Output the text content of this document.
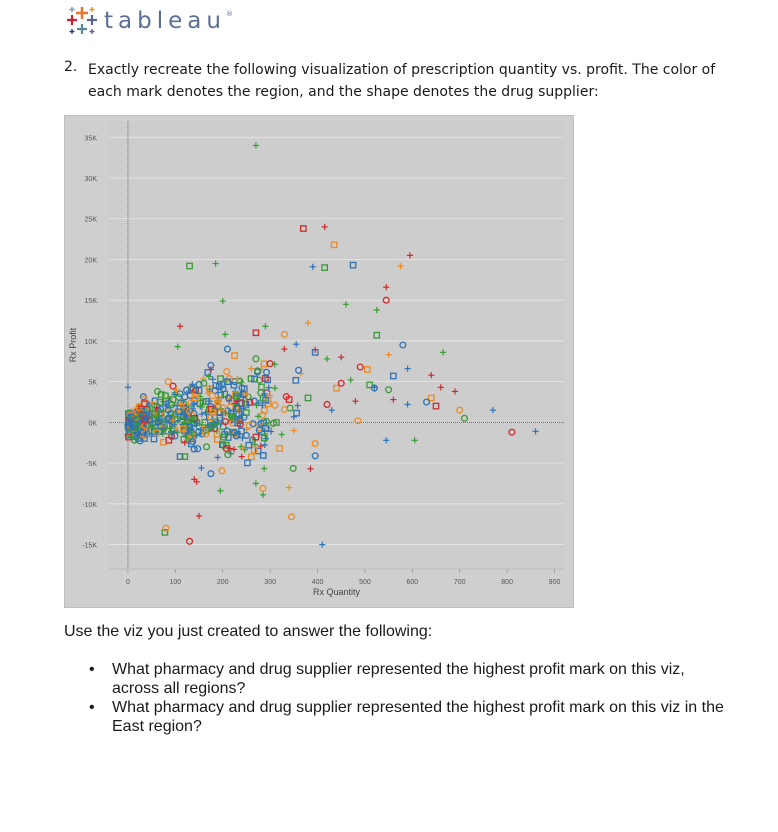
tableau®
2. Exactly recreate the following visualization of prescription quantity vs. profit. The color of each mark denotes the region, and the shape denotes the drug supplier:
35K
30K
25K
20K
15K
10K
5K
0K
-5K
-10K
-15K
0	100	200	300	400	500	600	700	800	900
Rx Quantity
Rx Profit
Use the viz you just created to answer the following:
• What pharmacy and drug supplier represented the highest profit mark on this viz, across all regions?
• What pharmacy and drug supplier represented the highest profit mark on this viz in the East region?
